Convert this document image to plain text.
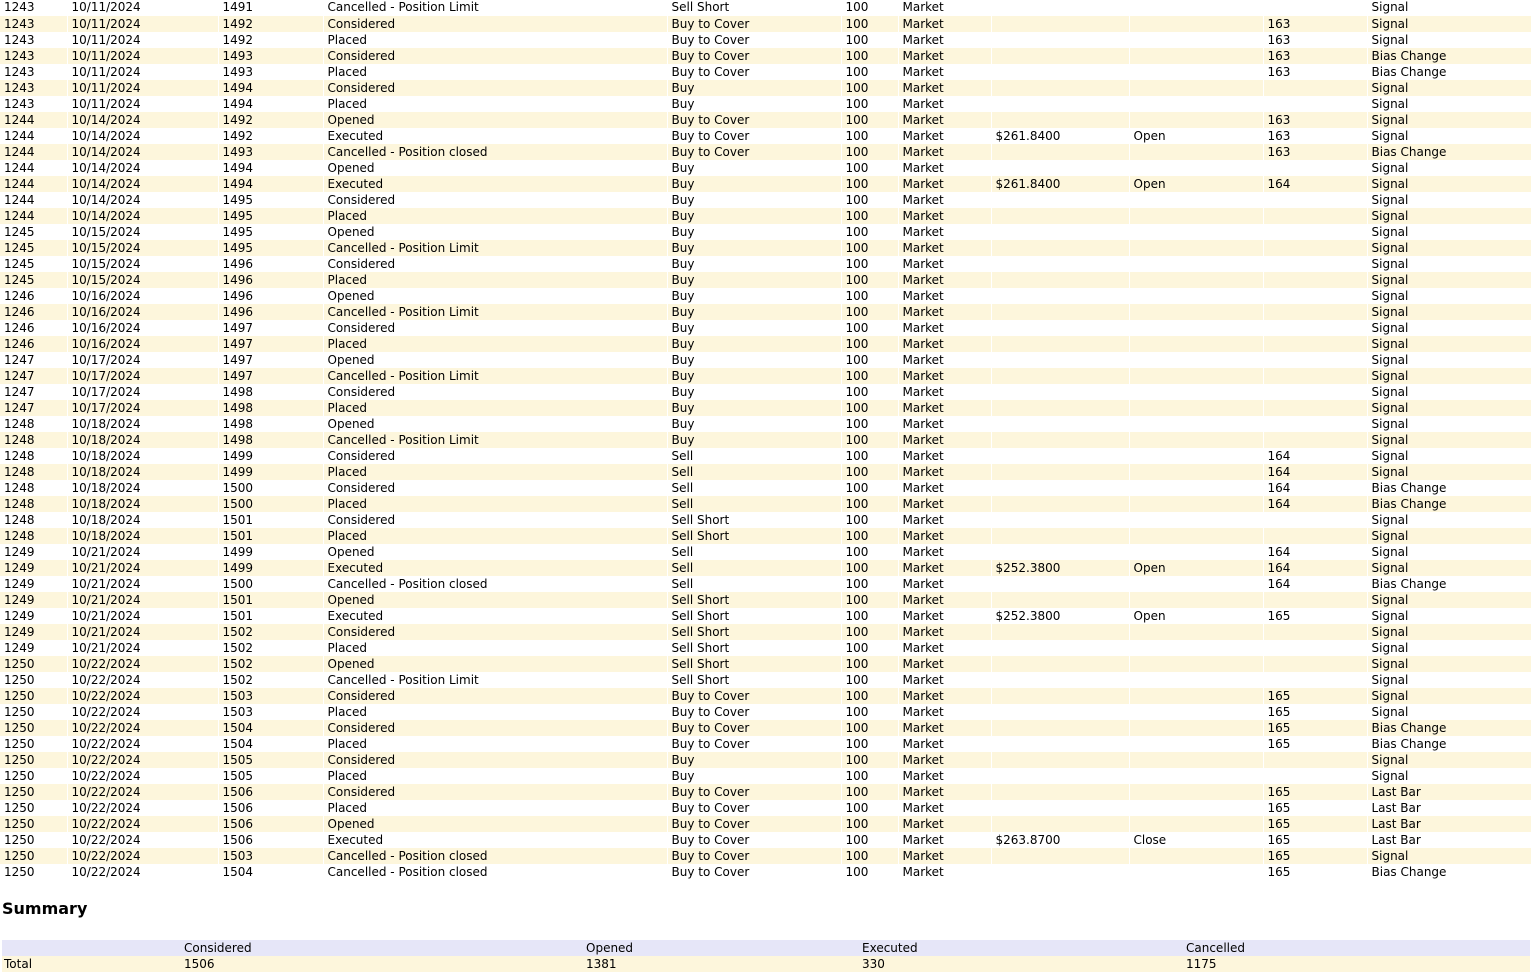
1243	10/11/2024	1491	Cancelled - Position Limit	Sell Short	100	Market				Signal
1243	10/11/2024	1492	Considered	Buy to Cover	100	Market			163	Signal
1243	10/11/2024	1492	Placed	Buy to Cover	100	Market			163	Signal
1243	10/11/2024	1493	Considered	Buy to Cover	100	Market			163	Bias Change
1243	10/11/2024	1493	Placed	Buy to Cover	100	Market			163	Bias Change
1243	10/11/2024	1494	Considered	Buy	100	Market				Signal
1243	10/11/2024	1494	Placed	Buy	100	Market				Signal
1244	10/14/2024	1492	Opened	Buy to Cover	100	Market			163	Signal
1244	10/14/2024	1492	Executed	Buy to Cover	100	Market	$261.8400	Open	163	Signal
1244	10/14/2024	1493	Cancelled - Position closed	Buy to Cover	100	Market			163	Bias Change
1244	10/14/2024	1494	Opened	Buy	100	Market				Signal
1244	10/14/2024	1494	Executed	Buy	100	Market	$261.8400	Open	164	Signal
1244	10/14/2024	1495	Considered	Buy	100	Market				Signal
1244	10/14/2024	1495	Placed	Buy	100	Market				Signal
1245	10/15/2024	1495	Opened	Buy	100	Market				Signal
1245	10/15/2024	1495	Cancelled - Position Limit	Buy	100	Market				Signal
1245	10/15/2024	1496	Considered	Buy	100	Market				Signal
1245	10/15/2024	1496	Placed	Buy	100	Market				Signal
1246	10/16/2024	1496	Opened	Buy	100	Market				Signal
1246	10/16/2024	1496	Cancelled - Position Limit	Buy	100	Market				Signal
1246	10/16/2024	1497	Considered	Buy	100	Market				Signal
1246	10/16/2024	1497	Placed	Buy	100	Market				Signal
1247	10/17/2024	1497	Opened	Buy	100	Market				Signal
1247	10/17/2024	1497	Cancelled - Position Limit	Buy	100	Market				Signal
1247	10/17/2024	1498	Considered	Buy	100	Market				Signal
1247	10/17/2024	1498	Placed	Buy	100	Market				Signal
1248	10/18/2024	1498	Opened	Buy	100	Market				Signal
1248	10/18/2024	1498	Cancelled - Position Limit	Buy	100	Market				Signal
1248	10/18/2024	1499	Considered	Sell	100	Market			164	Signal
1248	10/18/2024	1499	Placed	Sell	100	Market			164	Signal
1248	10/18/2024	1500	Considered	Sell	100	Market			164	Bias Change
1248	10/18/2024	1500	Placed	Sell	100	Market			164	Bias Change
1248	10/18/2024	1501	Considered	Sell Short	100	Market				Signal
1248	10/18/2024	1501	Placed	Sell Short	100	Market				Signal
1249	10/21/2024	1499	Opened	Sell	100	Market			164	Signal
1249	10/21/2024	1499	Executed	Sell	100	Market	$252.3800	Open	164	Signal
1249	10/21/2024	1500	Cancelled - Position closed	Sell	100	Market			164	Bias Change
1249	10/21/2024	1501	Opened	Sell Short	100	Market				Signal
1249	10/21/2024	1501	Executed	Sell Short	100	Market	$252.3800	Open	165	Signal
1249	10/21/2024	1502	Considered	Sell Short	100	Market				Signal
1249	10/21/2024	1502	Placed	Sell Short	100	Market				Signal
1250	10/22/2024	1502	Opened	Sell Short	100	Market				Signal
1250	10/22/2024	1502	Cancelled - Position Limit	Sell Short	100	Market				Signal
1250	10/22/2024	1503	Considered	Buy to Cover	100	Market			165	Signal
1250	10/22/2024	1503	Placed	Buy to Cover	100	Market			165	Signal
1250	10/22/2024	1504	Considered	Buy to Cover	100	Market			165	Bias Change
1250	10/22/2024	1504	Placed	Buy to Cover	100	Market			165	Bias Change
1250	10/22/2024	1505	Considered	Buy	100	Market				Signal
1250	10/22/2024	1505	Placed	Buy	100	Market				Signal
1250	10/22/2024	1506	Considered	Buy to Cover	100	Market			165	Last Bar
1250	10/22/2024	1506	Placed	Buy to Cover	100	Market			165	Last Bar
1250	10/22/2024	1506	Opened	Buy to Cover	100	Market			165	Last Bar
1250	10/22/2024	1506	Executed	Buy to Cover	100	Market	$263.8700	Close	165	Last Bar
1250	10/22/2024	1503	Cancelled - Position closed	Buy to Cover	100	Market			165	Signal
1250	10/22/2024	1504	Cancelled - Position closed	Buy to Cover	100	Market			165	Bias Change
Summary
	Considered	Opened	Executed	Cancelled
Total	1506	1381	330	1175
